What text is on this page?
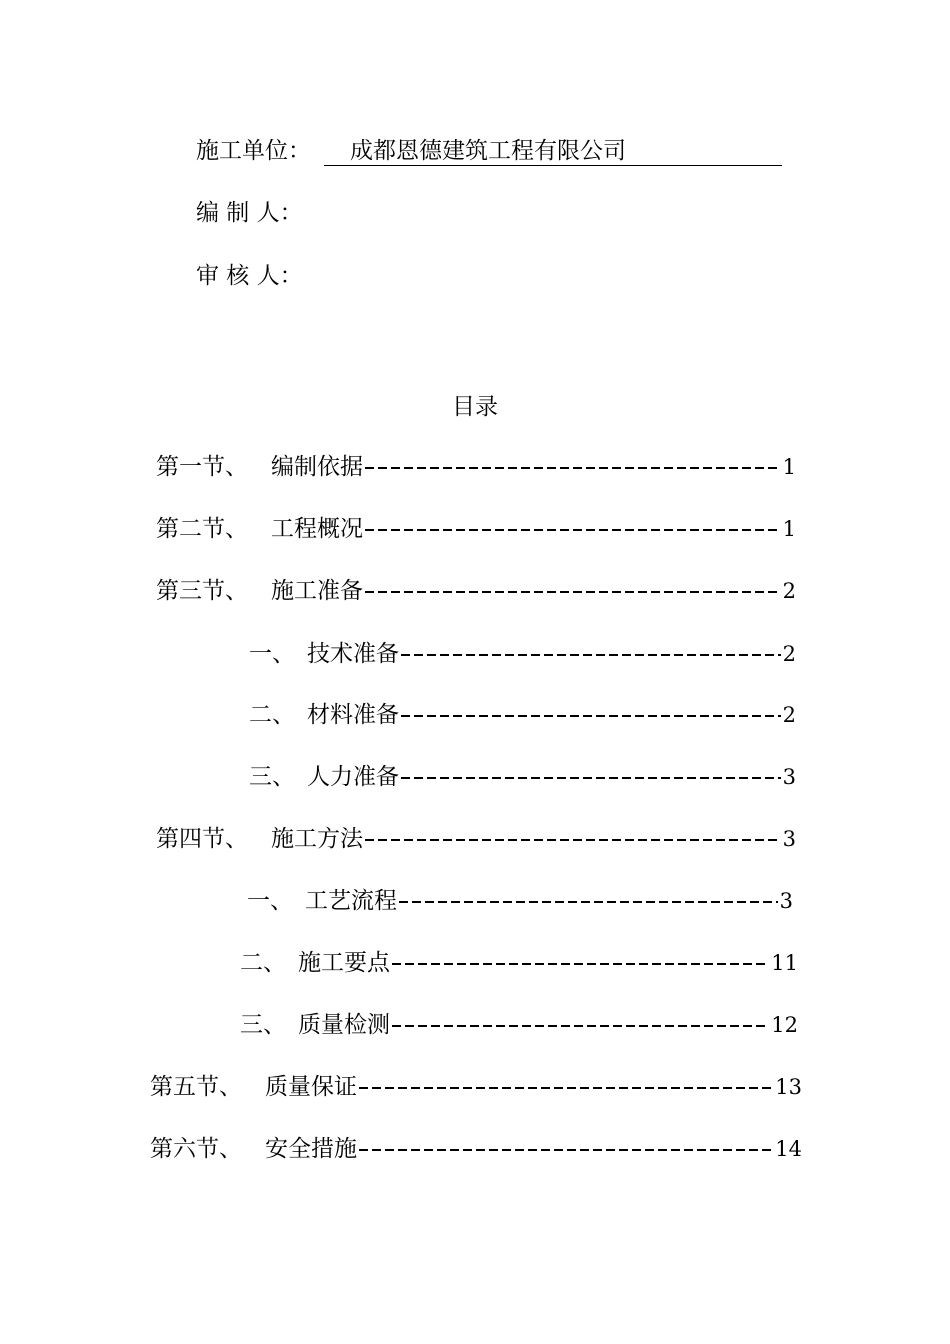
施工单位：	成都恩德建筑工程有限公司
编 制 人：
审 核 人：
目录
第一节、	编制依据	1
第二节、	工程概况	1
第三节、	施工准备	2
一、 技术准备	2
二、 材料准备	2
三、 人力准备	3
第四节、	施工方法	3
一、 工艺流程	3
二、 施工要点	11
三、 质量检测	12
第五节、	质量保证	13
第六节、	安全措施	14
